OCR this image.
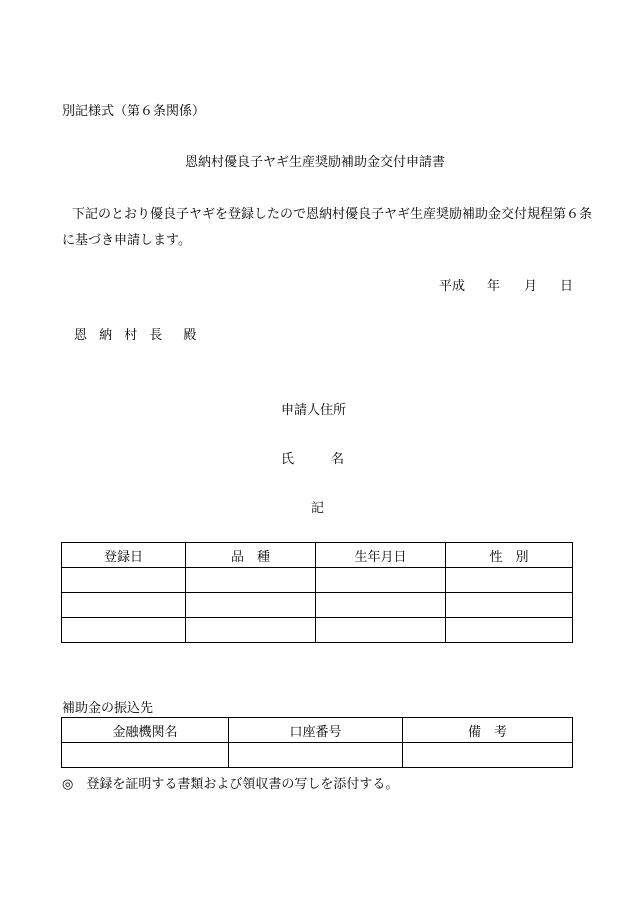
別記様式（第６条関係）
恩納村優良子ヤギ生産奨励補助金交付申請書
下記のとおり優良子ヤギを登録したので恩納村優良子ヤギ生産奨励補助金交付規程第６条
に基づき申請します。
平成 年 月 日
恩 納 村 長　殿
申請人住所
氏	名
記
登録日	品　種	生年月日	性　別

補助金の振込先
金融機関名	口座番号	備　考

◎　登録を証明する書類および領収書の写しを添付する。
